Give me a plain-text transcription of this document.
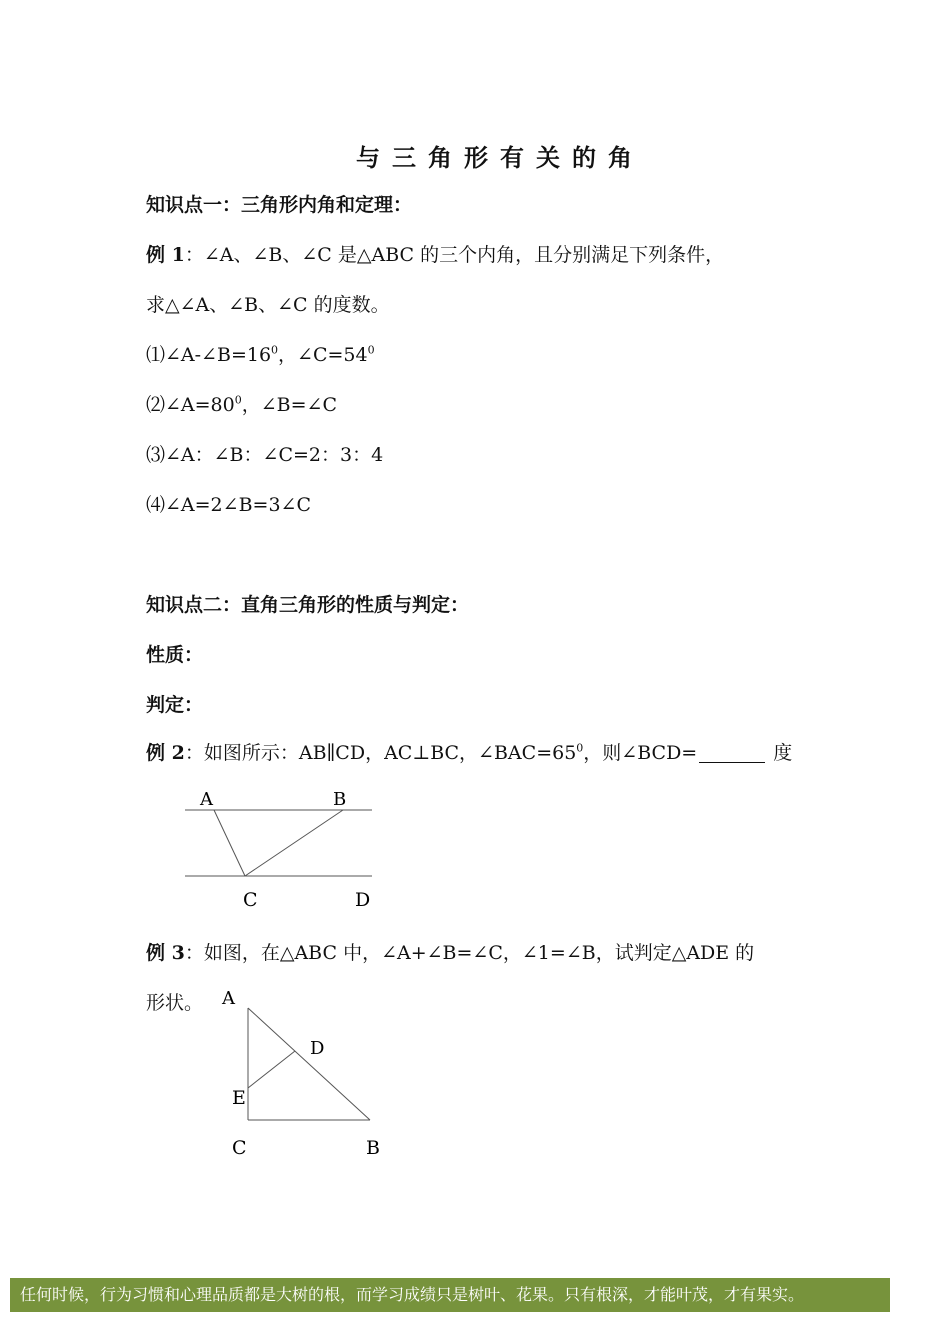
与三角形有关的角
知识点一：三角形内角和定理：
例 1：∠A、∠B、∠C 是△ABC 的三个内角，且分别满足下列条件，
求△∠A、∠B、∠C 的度数。
$⑴\angle A-\angle B=16^0$，$\angle C=54^0$
$⑵\angle A=80^0$，∠B=∠C
⑶∠A：∠B：∠C=2：3：4
⑷∠A=2∠B=3∠C
知识点二：直角三角形的性质与判定：
性质：
判定：
例 2：如图所示：AB∥CD，AC⊥BC，$\angle BAC=65^0$，则∠BCD=	度
A	B
C	D
A
D
E
C	B
例 3：如图，在△ABC 中，∠A+∠B=∠C，∠1=∠B，试判定△ADE 的
形状。
任何时候，行为习惯和心理品质都是大树的根，而学习成绩只是树叶、花果。只有根深，才能叶茂，才有果实。
